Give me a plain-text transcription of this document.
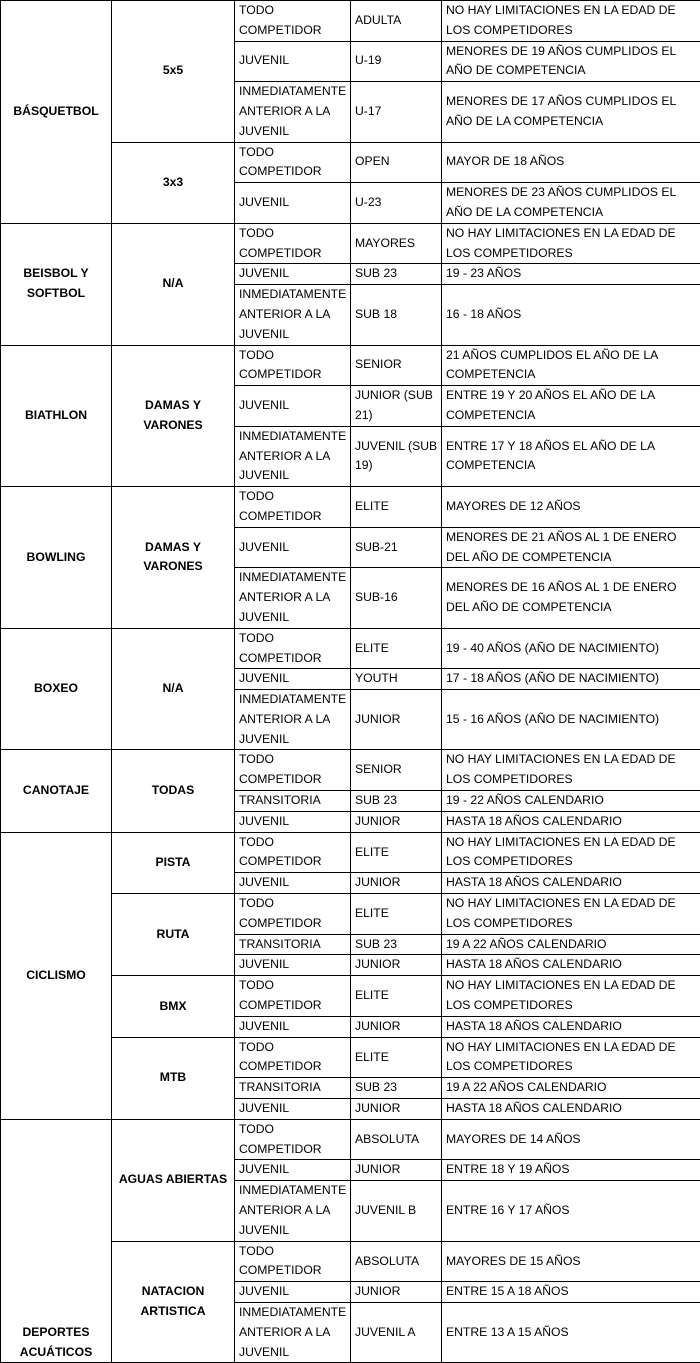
BÁSQUETBOL	5x5	TODO COMPETIDOR	ADULTA	NO HAY LIMITACIONES EN LA EDAD DE LOS COMPETIDORES
		JUVENIL	U-19	MENORES DE 19 AÑOS CUMPLIDOS EL AÑO DE COMPETENCIA
		INMEDIATAMENTE ANTERIOR A LA JUVENIL	U-17	MENORES DE 17 AÑOS CUMPLIDOS EL AÑO DE LA COMPETENCIA
	3x3	TODO COMPETIDOR	OPEN	MAYOR DE 18 AÑOS
		JUVENIL	U-23	MENORES DE 23 AÑOS CUMPLIDOS EL AÑO DE LA COMPETENCIA
BEISBOL Y SOFTBOL	N/A	TODO COMPETIDOR	MAYORES	NO HAY LIMITACIONES EN LA EDAD DE LOS COMPETIDORES
		JUVENIL	SUB 23	19 - 23 AÑOS
		INMEDIATAMENTE ANTERIOR A LA JUVENIL	SUB 18	16 - 18 AÑOS
BIATHLON	DAMAS Y VARONES	TODO COMPETIDOR	SENIOR	21 AÑOS CUMPLIDOS EL AÑO DE LA COMPETENCIA
		JUVENIL	JUNIOR (SUB 21)	ENTRE 19 Y 20 AÑOS EL AÑO DE LA COMPETENCIA
		INMEDIATAMENTE ANTERIOR A LA JUVENIL	JUVENIL (SUB 19)	ENTRE 17 Y 18 AÑOS EL AÑO DE LA COMPETENCIA
BOWLING	DAMAS Y VARONES	TODO COMPETIDOR	ELITE	MAYORES DE 12 AÑOS
		JUVENIL	SUB-21	MENORES DE 21 AÑOS AL 1 DE ENERO DEL AÑO DE COMPETENCIA
		INMEDIATAMENTE ANTERIOR A LA JUVENIL	SUB-16	MENORES DE 16 AÑOS AL 1 DE ENERO DEL AÑO DE COMPETENCIA
BOXEO	N/A	TODO COMPETIDOR	ELITE	19 - 40 AÑOS (AÑO DE NACIMIENTO)
		JUVENIL	YOUTH	17 - 18 AÑOS (AÑO DE NACIMIENTO)
		INMEDIATAMENTE ANTERIOR A LA JUVENIL	JUNIOR	15 - 16 AÑOS (AÑO DE NACIMIENTO)
CANOTAJE	TODAS	TODO COMPETIDOR	SENIOR	NO HAY LIMITACIONES EN LA EDAD DE LOS COMPETIDORES
		TRANSITORIA	SUB 23	19 - 22 AÑOS CALENDARIO
		JUVENIL	JUNIOR	HASTA 18 AÑOS CALENDARIO
CICLISMO	PISTA	TODO COMPETIDOR	ELITE	NO HAY LIMITACIONES EN LA EDAD DE LOS COMPETIDORES
		JUVENIL	JUNIOR	HASTA 18 AÑOS CALENDARIO
	RUTA	TODO COMPETIDOR	ELITE	NO HAY LIMITACIONES EN LA EDAD DE LOS COMPETIDORES
		TRANSITORIA	SUB 23	19 A 22 AÑOS CALENDARIO
		JUVENIL	JUNIOR	HASTA 18 AÑOS CALENDARIO
	BMX	TODO COMPETIDOR	ELITE	NO HAY LIMITACIONES EN LA EDAD DE LOS COMPETIDORES
		JUVENIL	JUNIOR	HASTA 18 AÑOS CALENDARIO
	MTB	TODO COMPETIDOR	ELITE	NO HAY LIMITACIONES EN LA EDAD DE LOS COMPETIDORES
		TRANSITORIA	SUB 23	19 A 22 AÑOS CALENDARIO
		JUVENIL	JUNIOR	HASTA 18 AÑOS CALENDARIO
DEPORTES ACUÁTICOS	AGUAS ABIERTAS	TODO COMPETIDOR	ABSOLUTA	MAYORES DE 14 AÑOS
		JUVENIL	JUNIOR	ENTRE 18 Y 19 AÑOS
		INMEDIATAMENTE ANTERIOR A LA JUVENIL	JUVENIL B	ENTRE 16 Y 17 AÑOS
	NATACION ARTISTICA	TODO COMPETIDOR	ABSOLUTA	MAYORES DE 15 AÑOS
		JUVENIL	JUNIOR	ENTRE 15 A 18 AÑOS
		INMEDIATAMENTE ANTERIOR A LA JUVENIL	JUVENIL A	ENTRE 13 A 15 AÑOS
